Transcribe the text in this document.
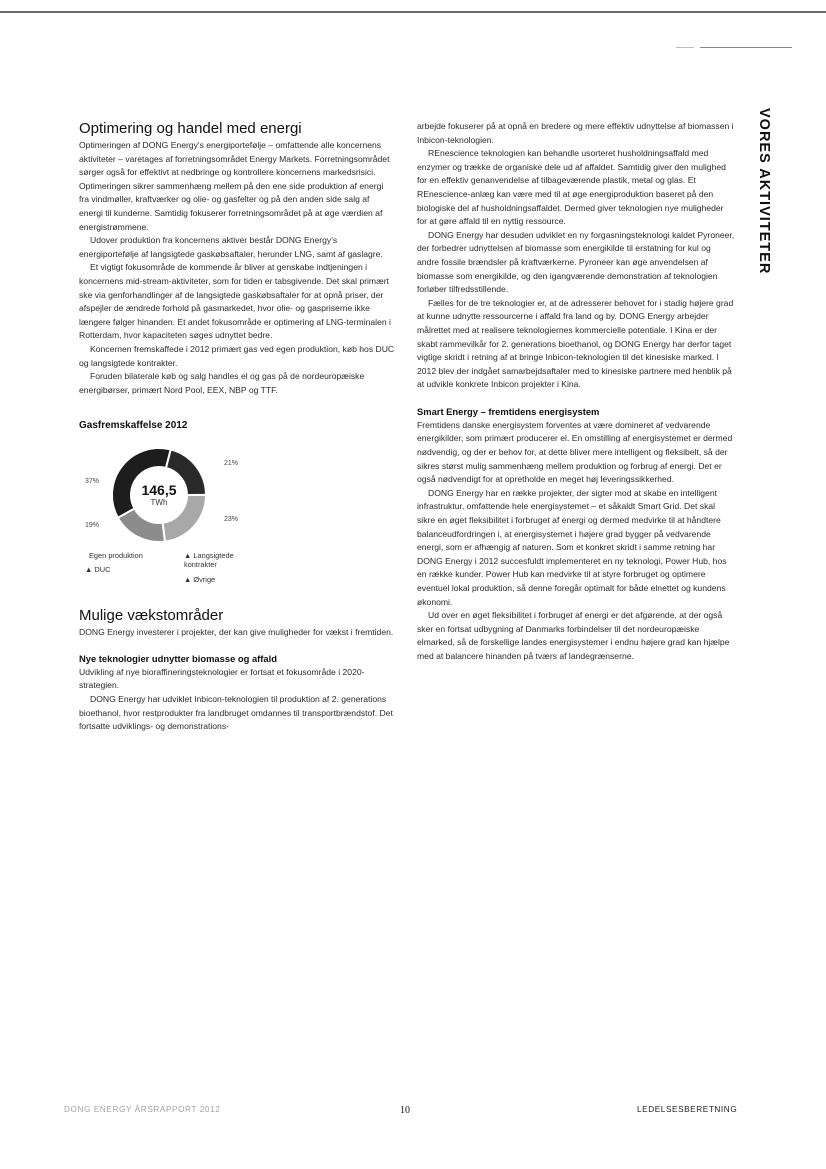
VORES AKTIVITETER
Optimering og handel med energi

Optimeringen af DONG Energy's energiportefølje – omfattende alle koncernens aktiviteter – varetages af forretningsområdet Energy Markets. Forretningsområdet sørger også for effektivt at nedbringe og kontrollere koncernens markedsrisici. Optimeringen sikrer sammenhæng mellem på den ene side produktion af energi fra vindmøller, kraftværker og olie- og gasfelter og på den anden side salg af energi til kunderne. Samtidig fokuserer forretningsområdet på at øge værdien af energistrømmene.

Udover produktion fra koncernens aktiver består DONG Energy's energiportefølje af langsigtede gaskøbsaftaler, herunder LNG, samt af gaslagre.

Et vigtigt fokusområde de kommende år bliver at genskabe indtjeningen i koncernens mid-stream-aktiviteter, som for tiden er tabsgivende. Det skal primært ske via genforhandlinger af de langsigtede gaskøbsaftaler for at opnå priser, der afspejler de ændrede forhold på gasmarkedet, hvor olie- og gaspriserne ikke længere følger hinanden. Et andet fokusområde er optimering af LNG-terminalen i Rotterdam, hvor kapaciteten søges udnyttet bedre.

Koncernen fremskaffede i 2012 primært gas ved egen produktion, køb hos DUC og langsigtede kontrakter.

Foruden bilaterale køb og salg handles el og gas på de nordeuropæiske energibørser, primært Nord Pool, EEX, NBP og TTF.

Gasfremskaffelse 2012
146,5
TWh
37%
19%
21%
23%
Egen produktion
▲ DUC
▲ Langsigtede kontrakter
▲ Øvrige
Mulige vækstområder

DONG Energy investerer i projekter, der kan give muligheder for vækst i fremtiden.

Nye teknologier udnytter biomasse og affald

Udvikling af nye bioraffineringsteknologier er fortsat et fokusområde i 2020-strategien.

DONG Energy har udviklet Inbicon-teknologien til produktion af 2. generations bioethanol, hvor restprodukter fra landbruget omdannes til transportbrændstof. Det fortsatte udviklings- og demonstrations-

arbejde fokuserer på at opnå en bredere og mere effektiv udnyttelse af biomassen i Inbicon-teknologien.

REnescience teknologien kan behandle usorteret husholdningsaffald med enzymer og trække de organiske dele ud af affaldet. Samtidig giver den mulighed for en effektiv genanvendelse af tilbageværende plastik, metal og glas. Et REnescience-anlæg kan være med til at øge energiproduktion baseret på den biologiske del af husholdningsaffaldet. Dermed giver teknologien nye muligheder for at gøre affald til en nyttig ressource.

DONG Energy har desuden udviklet en ny forgasningsteknologi kaldet Pyroneer, der forbedrer udnyttelsen af biomasse som energikilde til erstatning for kul og andre fossile brændsler på kraftværkerne. Pyroneer kan øge anvendelsen af biomasse som energikilde, og den igangværende demonstration af teknologien forløber tilfredsstillende.

Fælles for de tre teknologier er, at de adresserer behovet for i stadig højere grad at kunne udnytte ressourcerne i affald fra land og by. DONG Energy arbejder målrettet med at realisere teknologiernes kommercielle potentiale. I Kina er der skabt rammevilkår for 2. generations bioethanol, og DONG Energy har derfor taget vigtige skridt i retning af at bringe Inbicon-teknologien til det kinesiske marked. I 2012 blev der indgået samarbejdsaftaler med to kinesiske partnere med henblik på at udvikle konkrete Inbicon projekter i Kina.

Smart Energy – fremtidens energisystem

Fremtidens danske energisystem forventes at være domineret af vedvarende energikilder, som primært producerer el. En omstilling af energisystemet er dermed nødvendig, og der er behov for, at dette bliver mere intelligent og fleksibelt, så der sikres størst mulig sammenhæng mellem produktion og forbrug af energi. Det er også nødvendigt for at opretholde en meget høj leveringssikkerhed.

DONG Energy har en række projekter, der sigter mod at skabe en intelligent infrastruktur, omfattende hele energisystemet – et såkaldt Smart Grid. Det skal sikre en øget fleksibilitet i forbruget af energi og dermed medvirke til at håndtere balanceudfordringen i, at energisystemet i højere grad bygger på vedvarende energi, som er afhængig af naturen. Som et konkret skridt i samme retning har DONG Energy i 2012 succesfuldt implementeret en ny teknologi, Power Hub, hos en række kunder. Power Hub kan medvirke til at styre forbruget og optimere eventuel lokal produktion, så denne foregår optimalt for både elnettet og kundens økonomi.

Ud over en øget fleksibilitet i forbruget af energi er det afgørende, at der også sker en fortsat udbygning af Danmarks forbindelser til det nordeuropæiske elmarked, så de forskellige landes energisystemer i endnu højere grad kan hjælpe med at balancere hinanden på tværs af landegrænserne.

DONG ENERGY ÅRSRAPPORT 2012	10	LEDELSESBERETNING
